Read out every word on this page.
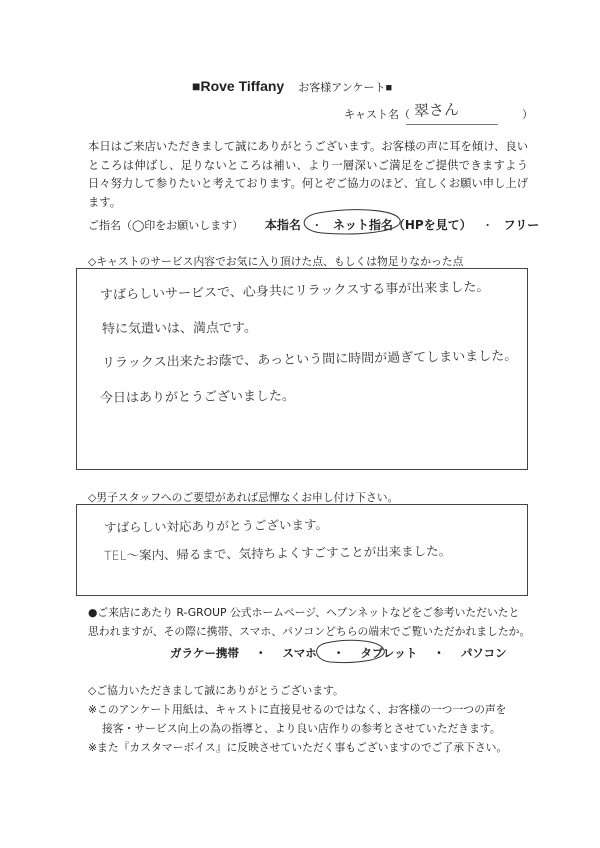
■Rove Tiffany お客様アンケート■
キャスト名（	）
翠さん
本日はご来店いただきまして誠にありがとうございます。お客様の声に耳を傾け、良いところは伸ばし、足りないところは補い、より一層深いご満足をご提供できますよう日々努力して参りたいと考えております。何とぞご協力のほど、宜しくお願い申し上げます。
ご指名（◯印をお願いします） 本指名 ・ ネット指名（HPを見て） ・ フリー
◇キャストのサービス内容でお気に入り頂けた点、もしくは物足りなかった点
すばらしいサービスで、心身共にリラックスする事が出来ました。
特に気遣いは、満点です。
リラックス出来たお蔭で、あっという間に時間が過ぎてしまいました。
今日はありがとうございました。
◇男子スタッフへのご要望があれば忌憚なくお申し付け下さい。
すばらしい対応ありがとうございます。
TEL～案内、帰るまで、気持ちよくすごすことが出来ました。
●ご来店にあたり R-GROUP 公式ホームページ、ヘブンネットなどをご参考いただいたと
思われますが、その際に携帯、スマホ、パソコンどちらの端末でご覧いただかれましたか。
ガラケー携帯 ・ スマホ ・ タブレット ・ パソコン
◇ご協力いただきまして誠にありがとうございます。
※このアンケート用紙は、キャストに直接見せるのではなく、お客様の一つ一つの声を
接客・サービス向上の為の指導と、より良い店作りの参考とさせていただきます。
※また『カスタマーボイス』に反映させていただく事もございますのでご了承下さい。
